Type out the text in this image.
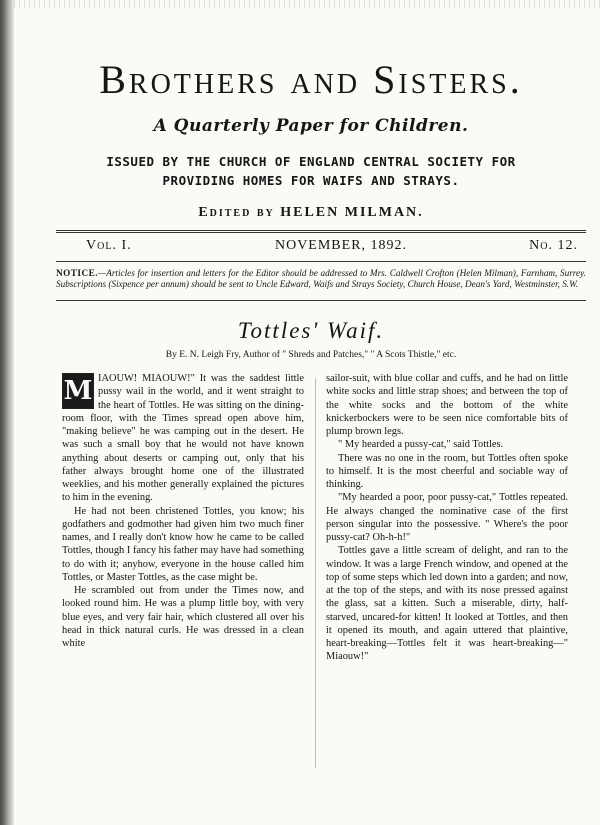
Brothers and Sisters.
A Quarterly Paper for Children.
ISSUED BY THE CHURCH OF ENGLAND CENTRAL SOCIETY FOR
PROVIDING HOMES FOR WAIFS AND STRAYS.
Edited by HELEN MILMAN.
Vol. I.	NOVEMBER, 1892.	No. 12.
NOTICE.—Articles for insertion and letters for the Editor should be addressed to Mrs. Caldwell Crofton (Helen Milman), Farnham, Surrey. Subscriptions (Sixpence per annum) should be sent to Uncle Edward, Waifs and Strays Society, Church House, Dean's Yard, Westminster, S.W.
Tottles' Waif.
By E. N. Leigh Fry, Author of " Shreds and Patches," " A Scots Thistle," etc.

M IAOUW! MIAOUW!" It was the saddest little pussy wail in the world, and it went straight to the heart of Tottles. He was sitting on the dining-room floor, with the Times spread open above him, "making believe" he was camping out in the desert. He was such a small boy that he would not have known anything about deserts or camping out, only that his father always brought home one of the illustrated weeklies, and his mother generally explained the pictures to him in the evening.

He had not been christened Tottles, you know; his godfathers and godmother had given him two much finer names, and I really don't know how he came to be called Tottles, though I fancy his father may have had something to do with it; anyhow, everyone in the house called him Tottles, or Master Tottles, as the case might be.

He scrambled out from under the Times now, and looked round him. He was a plump little boy, with very blue eyes, and very fair hair, which clustered all over his head in thick natural curls. He was dressed in a clean white

sailor-suit, with blue collar and cuffs, and he had on little white socks and little strap shoes; and between the top of the white socks and the bottom of the white knickerbockers were to be seen nice comfortable bits of plump brown legs.

" My hearded a pussy-cat," said Tottles.

There was no one in the room, but Tottles often spoke to himself. It is the most cheerful and sociable way of thinking.

"My hearded a poor, poor pussy-cat," Tottles repeated. He always changed the nominative case of the first person singular into the possessive. " Where's the poor pussy-cat? Oh-h-h!"

Tottles gave a little scream of delight, and ran to the window. It was a large French window, and opened at the top of some steps which led down into a garden; and now, at the top of the steps, and with its nose pressed against the glass, sat a kitten. Such a miserable, dirty, half-starved, uncared-for kitten! It looked at Tottles, and then it opened its mouth, and again uttered that plaintive, heart-breaking—Tottles felt it was heart-breaking—" Miaouw!"
